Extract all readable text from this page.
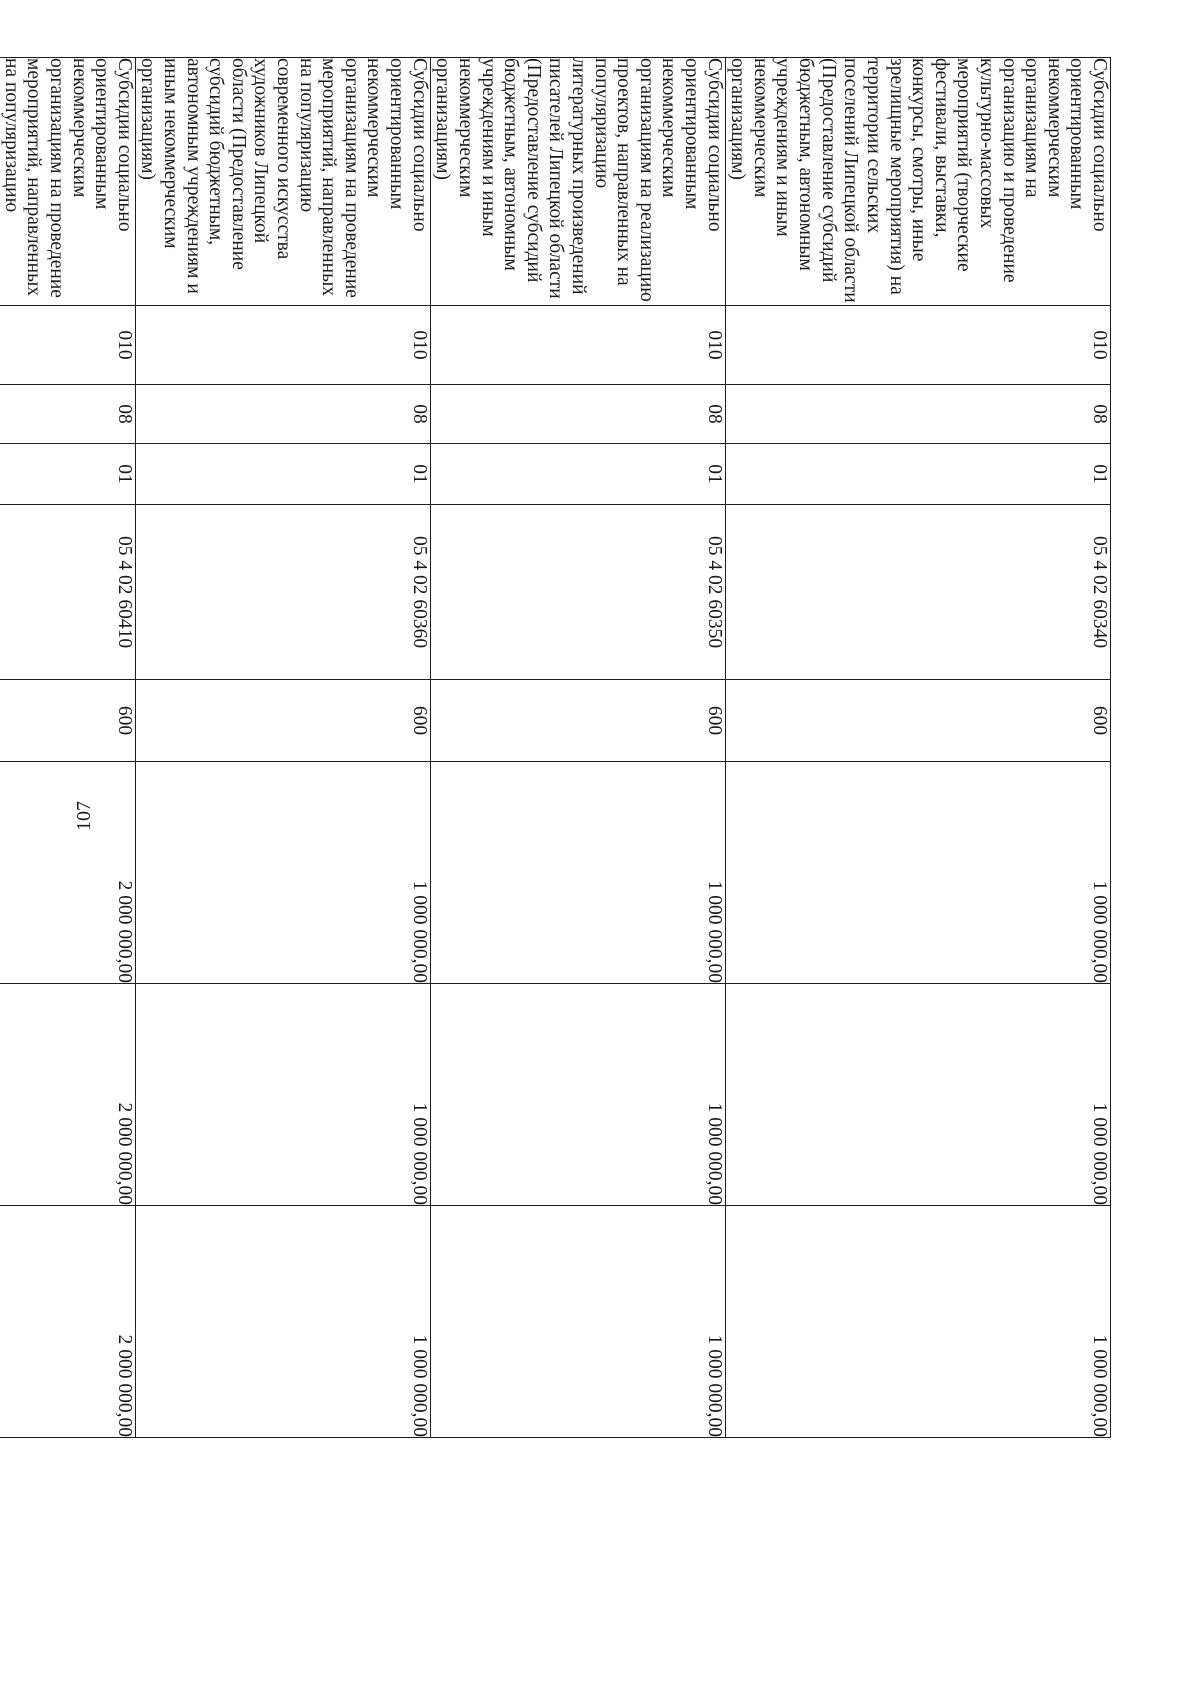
107
Субсидии социально ориентированным некоммерческим организациям на организацию и проведение культурно-массовых мероприятий (творческие фестивали, выставки, конкурсы, смотры, иные зрелищные мероприятия) на территории сельских поселений Липецкой области (Предоставление субсидий бюджетным, автономным учреждениям и иным некоммерческим организациям)	010	08	01	05 4 02 60340	600	1 000 000,00	1 000 000,00	1 000 000,00
Субсидии социально ориентированным некоммерческим организациям на реализацию проектов, направленных на популяризацию литературных произведений писателей Липецкой области (Предоставление субсидий бюджетным, автономным учреждениям и иным некоммерческим организациям)	010	08	01	05 4 02 60350	600	1 000 000,00	1 000 000,00	1 000 000,00
Субсидии социально ориентированным некоммерческим организациям на проведение мероприятий, направленных на популяризацию современного искусства художников Липецкой области (Предоставление субсидий бюджетным, автономным учреждениям и иным некоммерческим организациям)	010	08	01	05 4 02 60360	600	1 000 000,00	1 000 000,00	1 000 000,00
Субсидии социально ориентированным некоммерческим организациям на проведение мероприятий, направленных на популяризацию	010	08	01	05 4 02 60410	600	2 000 000,00	2 000 000,00	2 000 000,00
